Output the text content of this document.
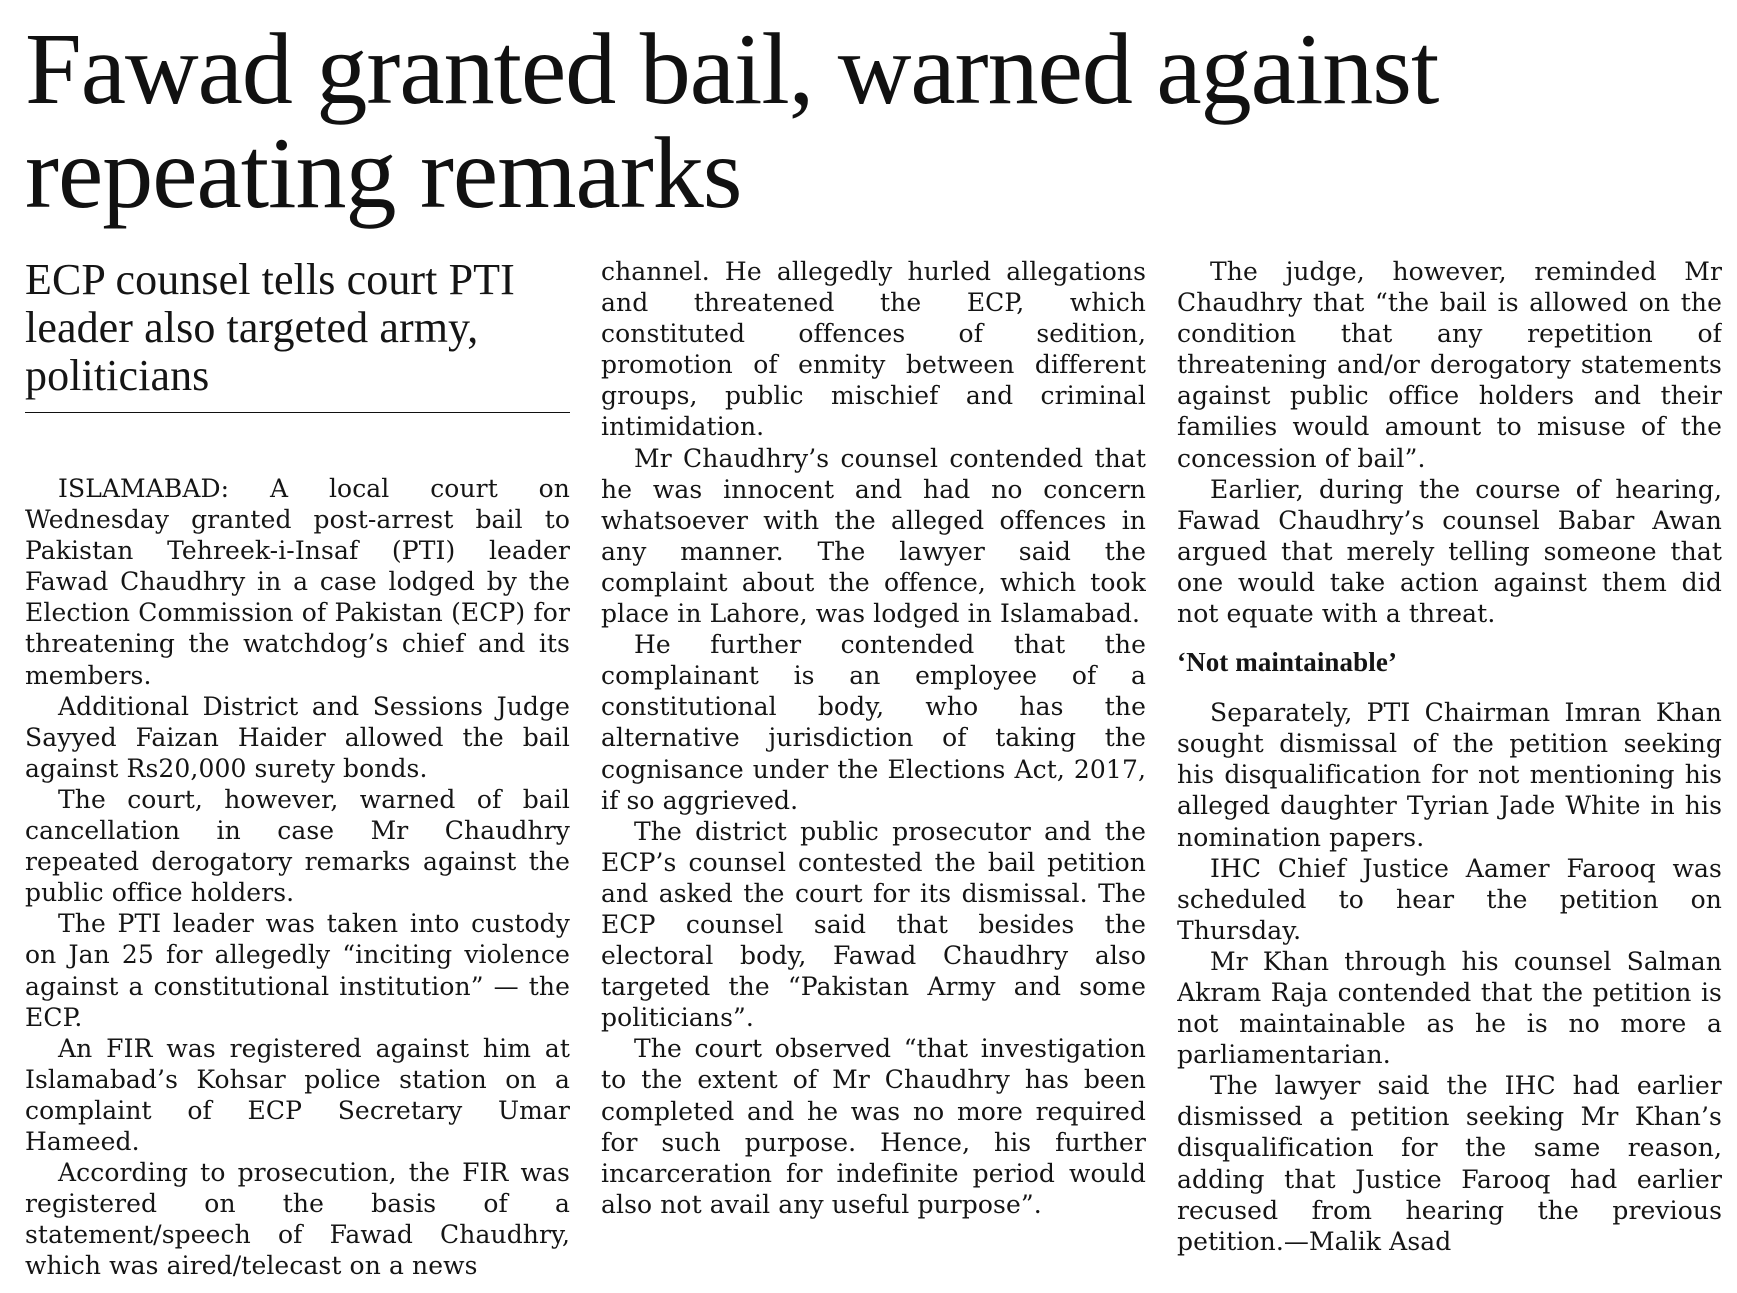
Fawad granted bail, warned against repeating remarks
ECP counsel tells court PTI leader also targeted army, politicians

ISLAMABAD: A local court on Wednesday granted post-arrest bail to Pakistan Tehreek-i-Insaf (PTI) leader Fawad Chaudhry in a case lodged by the Election Commission of Pakistan (ECP) for threatening the watchdog’s chief and its members.

Additional District and Sessions Judge Sayyed Faizan Haider allowed the bail against Rs20,000 surety bonds.

The court, however, warned of bail cancellation in case Mr Chaudhry repeated derogatory remarks against the public office holders.

The PTI leader was taken into custody on Jan 25 for allegedly “inciting violence against a constitutional institution” — the ECP.

An FIR was registered against him at Islamabad’s Kohsar police station on a complaint of ECP Secretary Umar Hameed.

According to prosecution, the FIR was registered on the basis of a statement/speech of Fawad Chaudhry, which was aired/telecast on a news

channel. He allegedly hurled allegations and threatened the ECP, which constituted offences of sedition, promotion of enmity between different groups, public mischief and criminal intimidation.

Mr Chaudhry’s counsel contended that he was innocent and had no concern whatsoever with the alleged offences in any manner. The lawyer said the complaint about the offence, which took place in Lahore, was lodged in Islamabad.

He further contended that the complainant is an employee of a constitutional body, who has the alternative jurisdiction of taking the cognisance under the Elections Act, 2017, if so aggrieved.

The district public prosecutor and the ECP’s counsel contested the bail petition and asked the court for its dismissal. The ECP counsel said that besides the electoral body, Fawad Chaudhry also targeted the “Pakistan Army and some politicians”.

The court observed “that investigation to the extent of Mr Chaudhry has been completed and he was no more required for such purpose. Hence, his further incarceration for indefinite period would also not avail any useful purpose”.

The judge, however, reminded Mr Chaudhry that “the bail is allowed on the condition that any repetition of threatening and/or derogatory statements against public office holders and their families would amount to misuse of the concession of bail”.

Earlier, during the course of hearing, Fawad Chaudhry’s counsel Babar Awan argued that merely telling someone that one would take action against them did not equate with a threat.

‘Not maintainable’

Separately, PTI Chairman Imran Khan sought dismissal of the petition seeking his disqualification for not mentioning his alleged daughter Tyrian Jade White in his nomination papers.

IHC Chief Justice Aamer Farooq was scheduled to hear the petition on Thursday.

Mr Khan through his counsel Salman Akram Raja contended that the petition is not maintainable as he is no more a parliamentarian.

The lawyer said the IHC had earlier dismissed a petition seeking Mr Khan’s disqualification for the same reason, adding that Justice Farooq had earlier recused from hearing the previous petition.—Malik Asad
